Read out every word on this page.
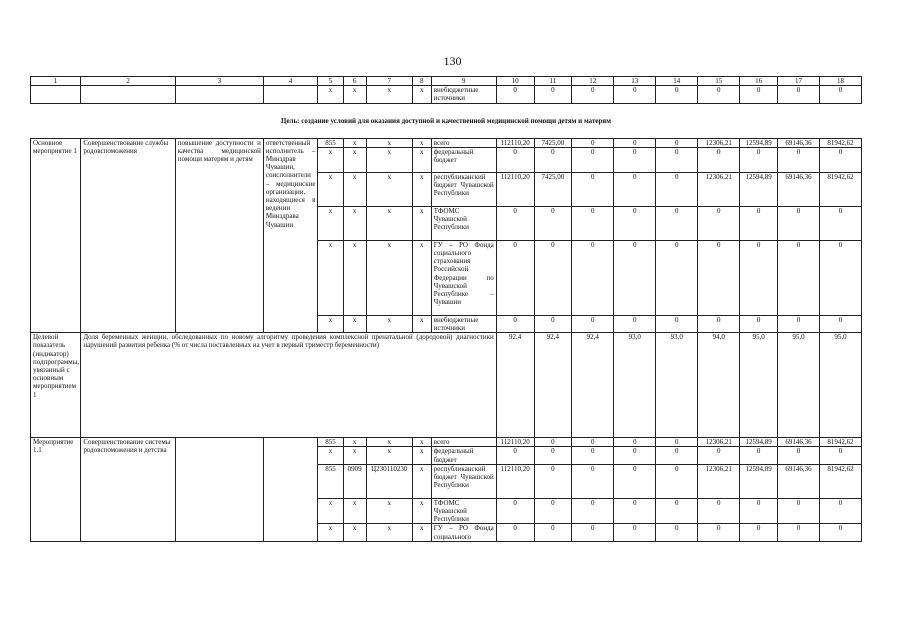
130
1	2	3	4	5	6	7	8	9	10	11	12	13	14	15	16	17	18
				x	x	x	x	внебюджетные источники	0	0	0	0	0	0	0	0	0
Цель: создание условий для оказания доступной и качественной медицинской помощи детям и матерям																	
Основное мероприятие 1	Совершенствование службы родовспоможения	повышение доступности и качества медицинской помощи матерям и детям	ответственный исполнитель – Минздрав Чувашии, соисполнители – медицинские организации, находящиеся в ведении Минздрава Чувашии	855	x	x	x	всего	112110,20	7425,00	0	0	0	12306,21	12594,89	69146,36	81942,62
				x	x	x	x	федеральный бюджет	0	0	0	0	0	0	0	0	0
				x	x	x	x	республиканский бюджет Чувашской Республики	112110,20	7425,00	0	0	0	12306,21	12594,89	69146,36	81942,62
				x	x	x	x	ТФОМС Чувашской Республики	0	0	0	0	0	0	0	0	0
				x	x	x	x	ГУ – РО Фонда социального страхования Российской Федерации по Чувашской Республике – Чувашии	0	0	0	0	0	0	0	0	0
				x	x	x	x	внебюджетные источники	0	0	0	0	0	0	0	0	0
Целевой показатель (индикатор) подпрограммы, увязанный с основным мероприятием 1	Доля беременных женщин, обследованных по новому алгоритму проведения комплексной пренатальной (дородовой) диагностики нарушений развития ребенка (% от числа поставленных на учет в первый триместр беременности)								92,4	92,4	92,4	93,0	93,0	94,0	95,0	95,0	95,0
Мероприятие 1.1	Совершенствование системы родовспоможения и детства			855	x	x	x	всего	112110,20	0	0	0	0	12306,21	12594,89	69146,36	81942,62
				x	x	x	x	федеральный бюджет	0	0	0	0	0	0	0	0	0
				855	0909	Ц230110230	x	республиканский бюджет Чувашской Республики	112110,20	0	0	0	0	12306,21	12594,89	69146,36	81942,62
				x	x	x	x	ТФОМС Чувашской Республики	0	0	0	0	0	0	0	0	0
				x	x	x	x	ГУ – РО Фонда социального	0	0	0	0	0	0	0	0	0
